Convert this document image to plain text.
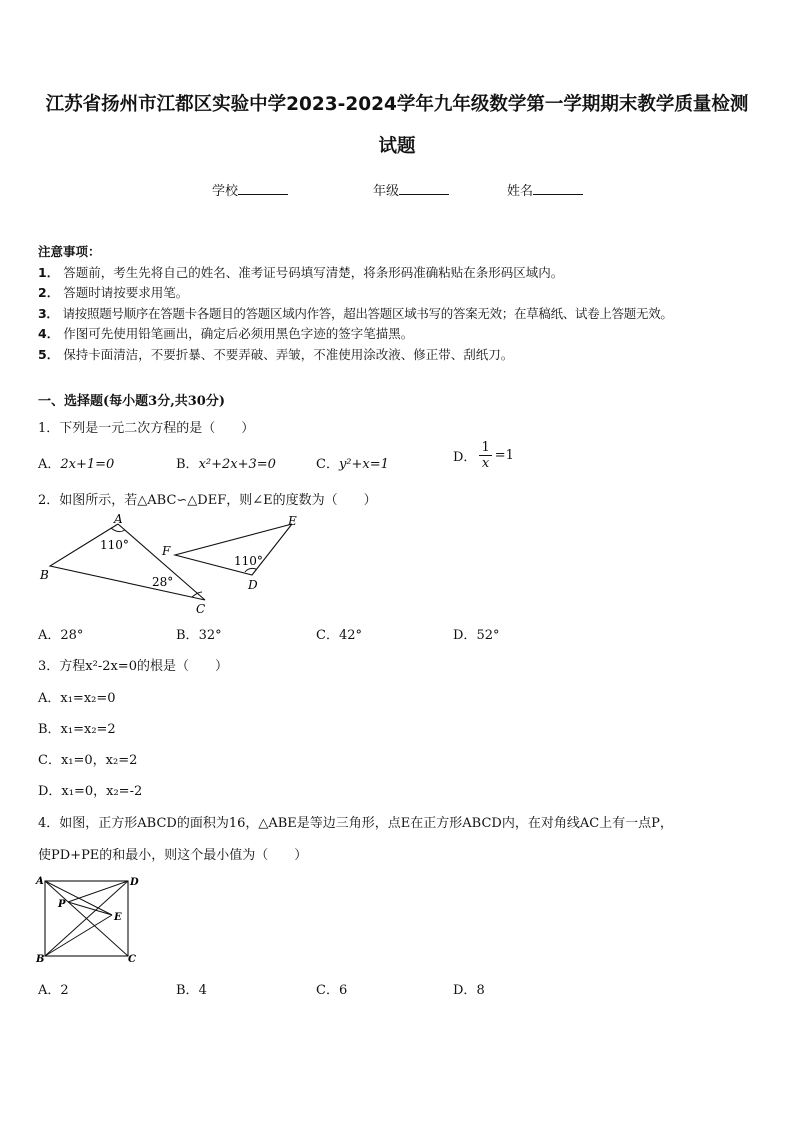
江苏省扬州市江都区实验中学2023-2024学年九年级数学第一学期期末教学质量检测
试题
学校	年级	姓名
注意事项：
1． 答题前，考生先将自己的姓名、准考证号码填写清楚，将条形码准确粘贴在条形码区域内。
2． 答题时请按要求用笔。
3． 请按照题号顺序在答题卡各题目的答题区域内作答，超出答题区域书写的答案无效；在草稿纸、试卷上答题无效。
4． 作图可先使用铅笔画出，确定后必须用黑色字迹的签字笔描黑。
5． 保持卡面清洁，不要折暴、不要弄破、弄皱，不准使用涂改液、修正带、刮纸刀。
一、选择题(每小题3分,共30分)
1．下列是一元二次方程的是（　　）
A．2x+1=0	B．x²+2x+3=0	C．y²+x=1	D． $\frac{1}{x} =1$
2．如图所示，若△ABC∽△DEF，则∠E的度数为（　　）
A
B
C
D
E
F
110°
28°
110°
A．28°	B．32°	C．42°	D．52°
3．方程x²-2x=0的根是（　　）
A．x₁=x₂=0
B．x₁=x₂=2
C．x₁=0，x₂=2
D．x₁=0，x₂=-2
4．如图，正方形ABCD的面积为16，△ABE是等边三角形，点E在正方形ABCD内，在对角线AC上有一点P，
使PD+PE的和最小，则这个最小值为（　　）
A
B	C
D
E
P
A．2	B．4	C．6	D．8
